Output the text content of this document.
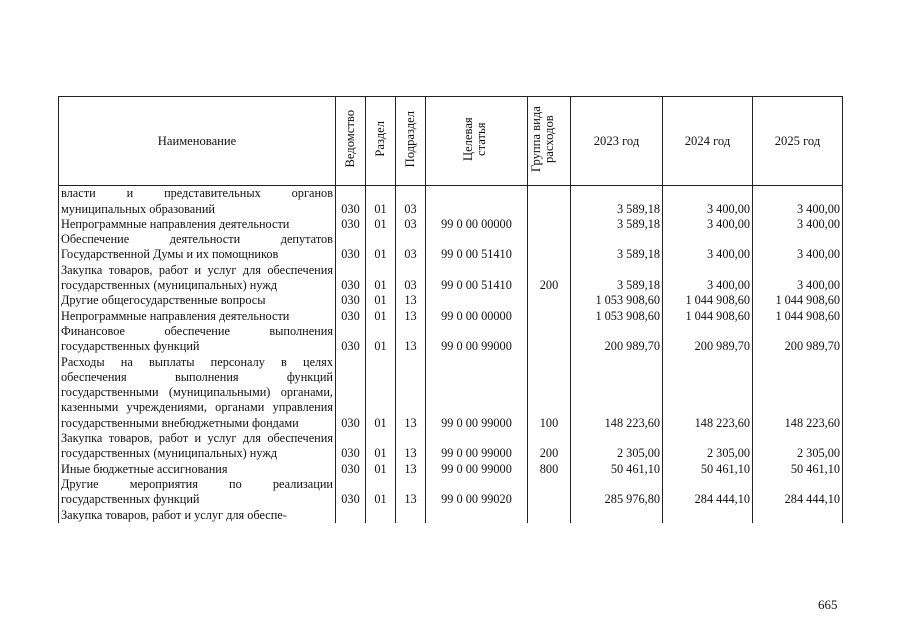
Наименование	Ведомство	Раздел	Подраздел	Целевая статья	Группа вида расходов	2023 год	2024 год	2025 год
власти и представительных органов муниципальных образований	030	01	03			3 589,18	3 400,00	3 400,00
Непрограммные направления деятельности	030	01	03	99 0 00 00000		3 589,18	3 400,00	3 400,00
Обеспечение деятельности депутатов Государственной Думы и их помощников	030	01	03	99 0 00 51410		3 589,18	3 400,00	3 400,00
Закупка товаров, работ и услуг для обеспечения государственных (муниципальных) нужд	030	01	03	99 0 00 51410	200	3 589,18	3 400,00	3 400,00
Другие общегосударственные вопросы	030	01	13			1 053 908,60	1 044 908,60	1 044 908,60
Непрограммные направления деятельности	030	01	13	99 0 00 00000		1 053 908,60	1 044 908,60	1 044 908,60
Финансовое обеспечение выполнения государственных функций	030	01	13	99 0 00 99000		200 989,70	200 989,70	200 989,70
Расходы на выплаты персоналу в целях обеспечения выполнения функций государственными (муниципальными) органами, казенными учреждениями, органами управления государственными внебюджетными фондами	030	01	13	99 0 00 99000	100	148 223,60	148 223,60	148 223,60
Закупка товаров, работ и услуг для обеспечения государственных (муниципальных) нужд	030	01	13	99 0 00 99000	200	2 305,00	2 305,00	2 305,00
Иные бюджетные ассигнования	030	01	13	99 0 00 99000	800	50 461,10	50 461,10	50 461,10
Другие мероприятия по реализации государственных функций	030	01	13	99 0 00 99020		285 976,80	284 444,10	284 444,10
Закупка товаров, работ и услуг для обеспе-								
665
